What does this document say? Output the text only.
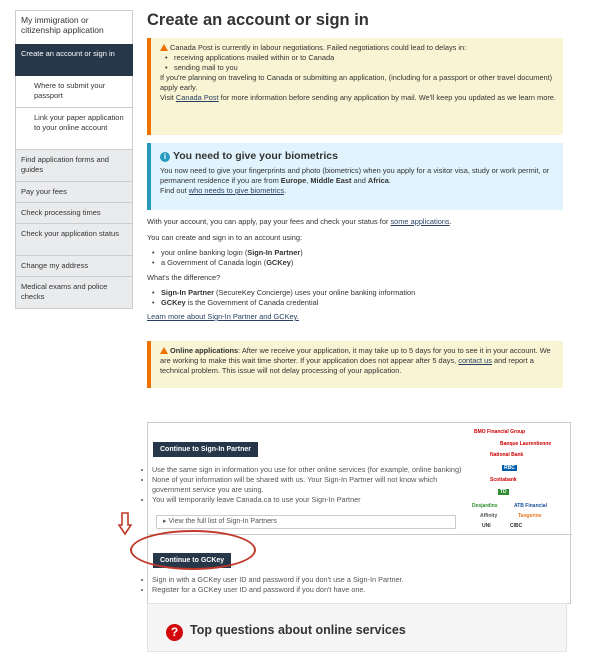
My immigration or citizenship application
Create an account or sign in
Where to submit your passport
Link your paper application to your online account
Find application forms and guides
Pay your fees
Check processing times
Check your application status
Change my address
Medical exams and police checks
Create an account or sign in
Canada Post is currently in labour negotiations. Failed negotiations could lead to delays in:
• receiving applications mailed within or to Canada
• sending mail to you
If you're planning on traveling to Canada or submitting an application, (including for a passport or other travel document) apply early.
Visit Canada Post for more information before sending any application by mail. We'll keep you updated as we learn more.
i You need to give your biometrics
You now need to give your fingerprints and photo (biometrics) when you apply for a visitor visa, study or work permit, or permanent residence if you are from Europe, Middle East and Africa.
Find out who needs to give biometrics.
With your account, you can apply, pay your fees and check your status for some applications.
You can create and sign in to an account using:
• your online banking login (Sign-In Partner)
• a Government of Canada login (GCKey)
What's the difference?
• Sign-In Partner (SecureKey Concierge) uses your online banking information
• GCKey is the Government of Canada credential
Learn more about Sign-In Partner and GCKey.
Online applications: After we receive your application, it may take up to 5 days for you to see it in your account. We are working to make this wait time shorter. If your application does not appear after 5 days, contact us and report a technical problem. This issue will not delay processing of your application.
Continue to Sign-In Partner
• Use the same sign in information you use for other online services (for example, online banking)
• None of your information will be shared with us. Your Sign-In Partner will not know which government service you are using.
• You will temporarily leave Canada.ca to use your Sign-In Partner
▸ View the full list of Sign-In Partners
BMO Financial Group
Banque Laurentienne
National Bank
RBC
Scotiabank
TD
Desjardins	ATB Financial
Affinity	Tangerine
UNI	CIBC
Continue to GCKey
• Sign in with a GCKey user ID and password if you don't use a Sign-In Partner.
• Register for a GCKey user ID and password if you don't have one.
? Top questions about online services
